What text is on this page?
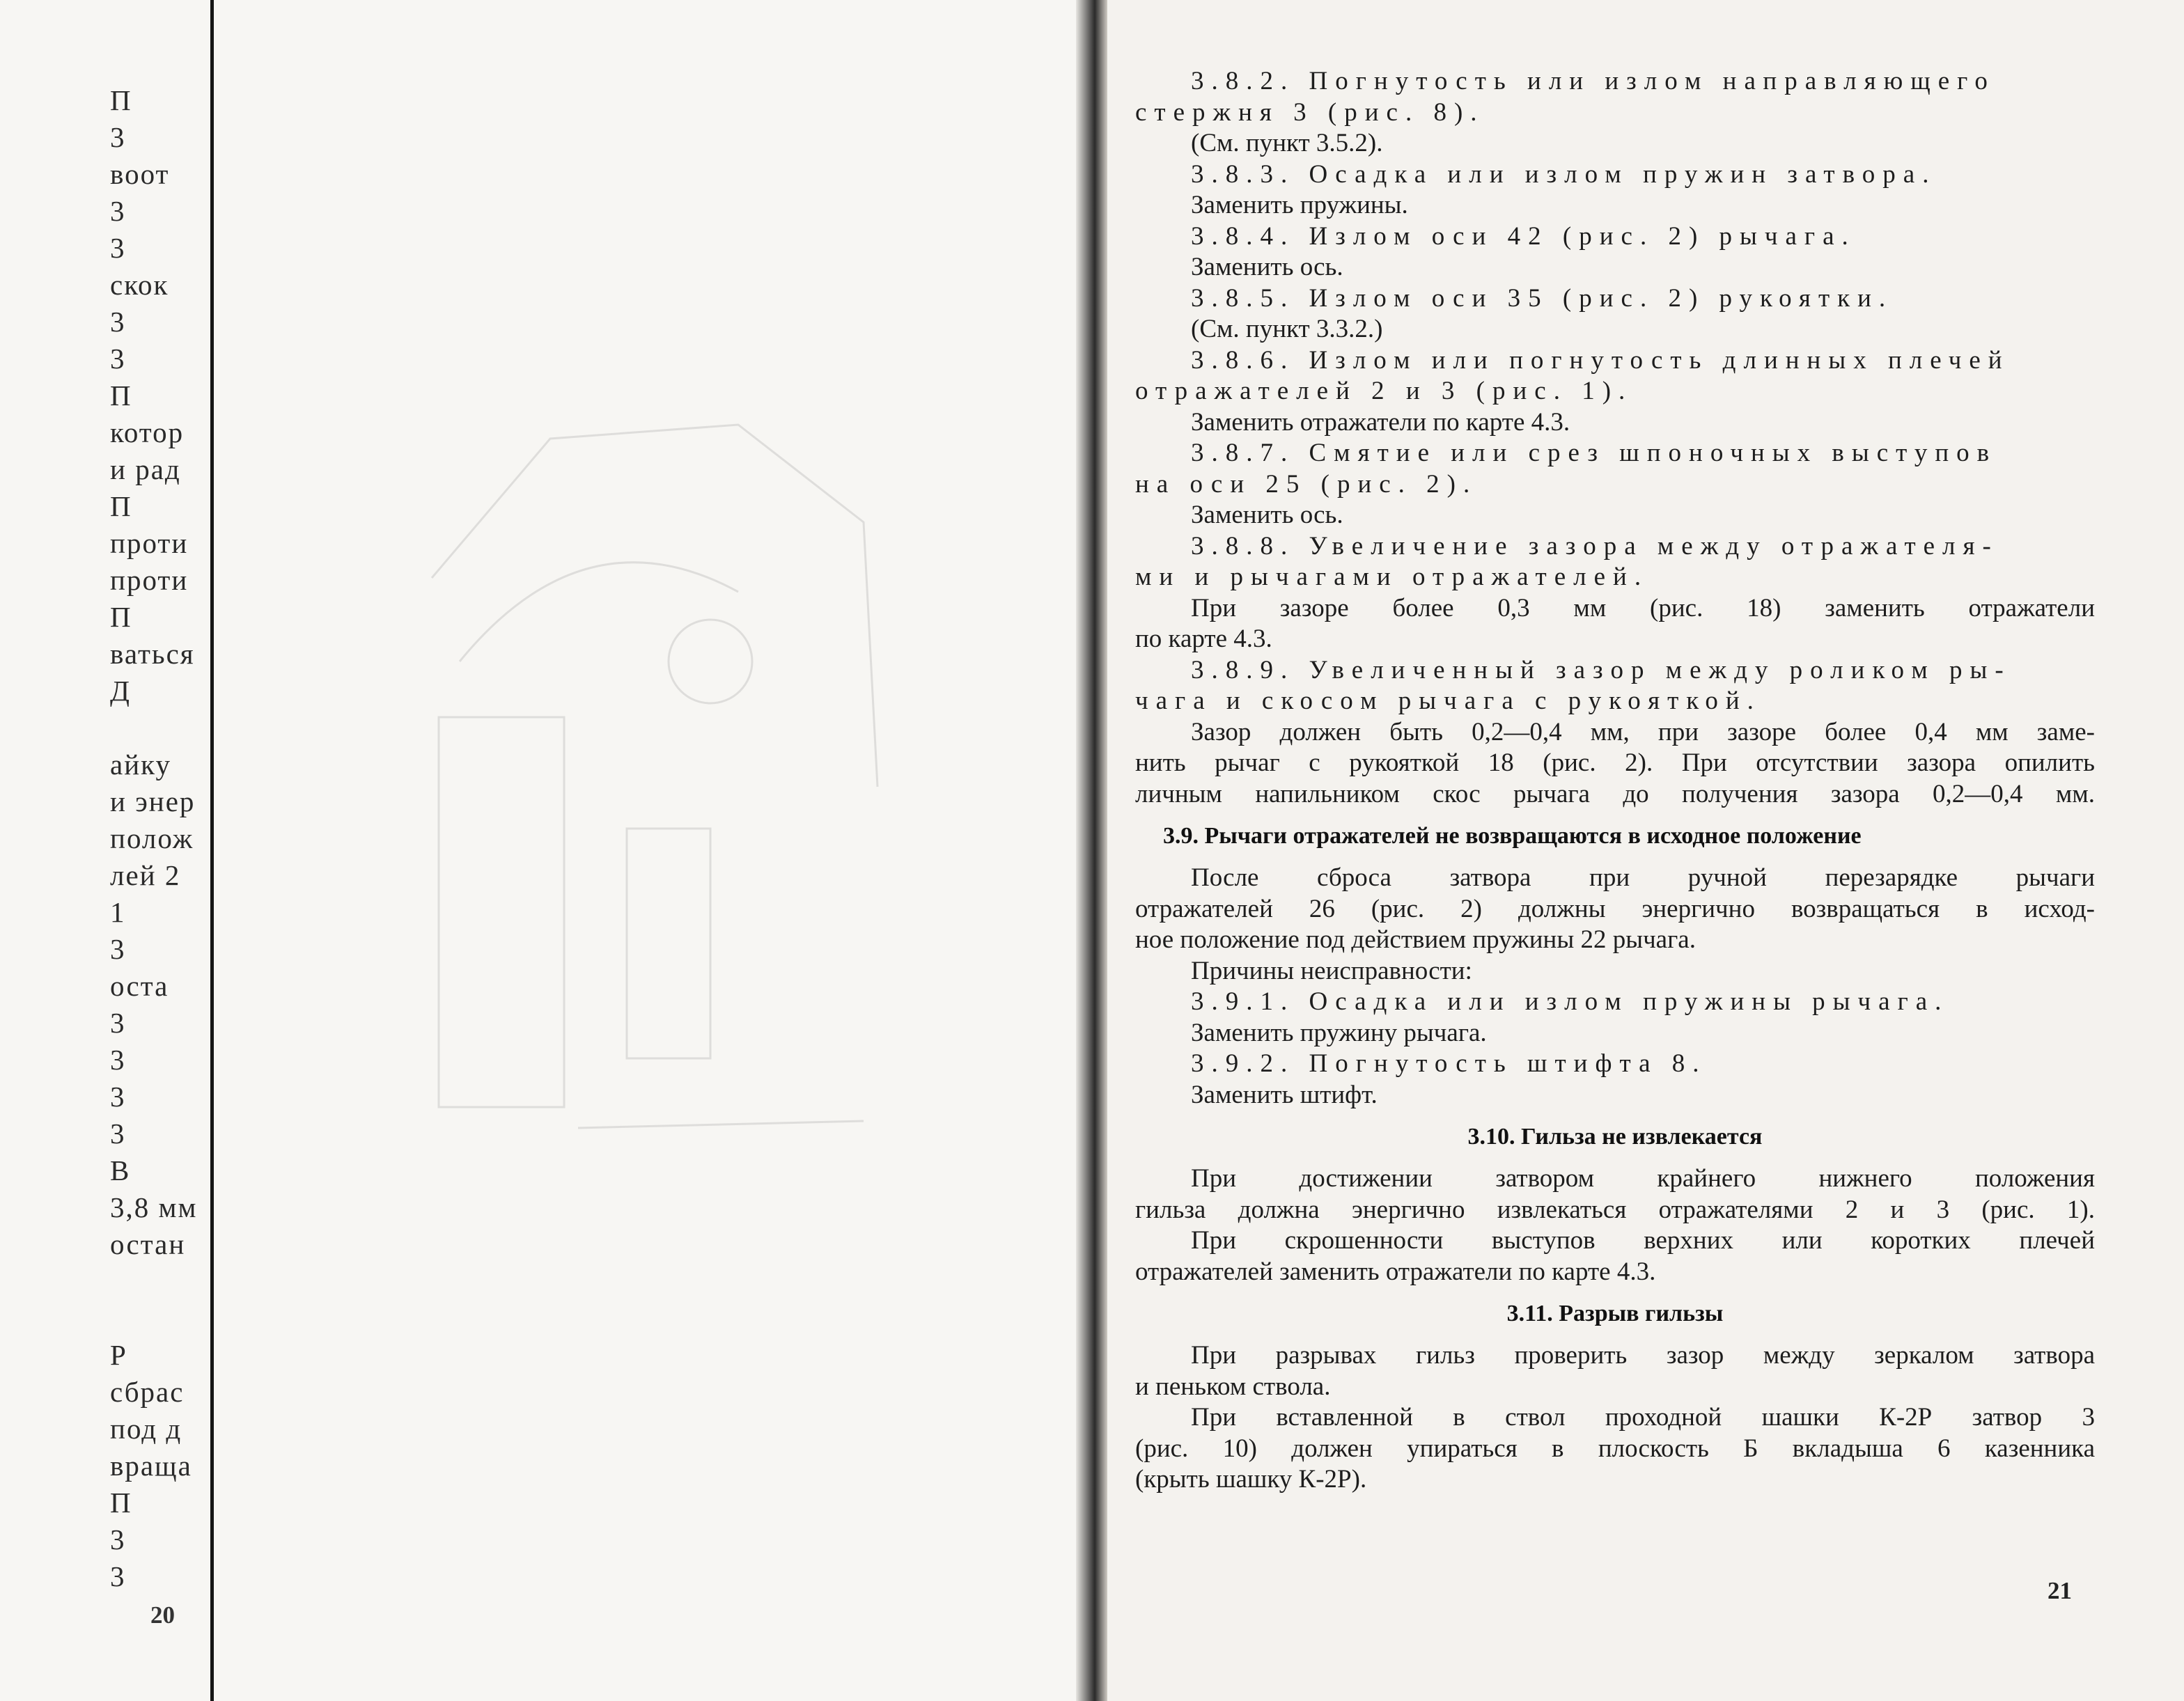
П
3
воот
3
3
скок
3
3
П
котор
и рад
П
проти
проти
П
ваться
Д
айку
и энер
полож
лей 2
1
3
оста
3
3
3
3
В
3,8 мм
остан
Р
сбрас
под д
враща
П
3
3
20
3.8.2. Погнутость или излом направляющего
стержня 3 (рис. 8).
(См. пункт 3.5.2).
3.8.3. Осадка или излом пружин затвора.
Заменить пружины.
3.8.4. Излом оси 42 (рис. 2) рычага.
Заменить ось.
3.8.5. Излом оси 35 (рис. 2) рукоятки.
(См. пункт 3.3.2.)
3.8.6. Излом или погнутость длинных плечей
отражателей 2 и 3 (рис. 1).
Заменить отражатели по карте 4.3.
3.8.7. Смятие или срез шпоночных выступов
на оси 25 (рис. 2).
Заменить ось.
3.8.8. Увеличение зазора между отражателя-
ми и рычагами отражателей.
При зазоре более 0,3 мм (рис. 18) заменить отражатели
по карте 4.3.
3.8.9. Увеличенный зазор между роликом ры-
чага и скосом рычага с рукояткой.
Зазор должен быть 0,2—0,4 мм, при зазоре более 0,4 мм заме-
нить рычаг с рукояткой 18 (рис. 2). При отсутствии зазора опилить
личным напильником скос рычага до получения зазора 0,2—0,4 мм.
3.9. Рычаги отражателей не возвращаются в исходное положение
После сброса затвора при ручной перезарядке рычаги
отражателей 26 (рис. 2) должны энергично возвращаться в исход-
ное положение под действием пружины 22 рычага.
Причины неисправности:
3.9.1. Осадка или излом пружины рычага.
Заменить пружину рычага.
3.9.2. Погнутость штифта 8.
Заменить штифт.
3.10. Гильза не извлекается
При достижении затвором крайнего нижнего положения
гильза должна энергично извлекаться отражателями 2 и 3 (рис. 1).
При скрошенности выступов верхних или коротких плечей
отражателей заменить отражатели по карте 4.3.
3.11. Разрыв гильзы
При разрывах гильз проверить зазор между зеркалом затвора
и пеньком ствола.
При вставленной в ствол проходной шашки К-2Р затвор 3
(рис. 10) должен упираться в плоскость Б вкладыша 6 казенника
(крыть шашку К-2Р).
21
